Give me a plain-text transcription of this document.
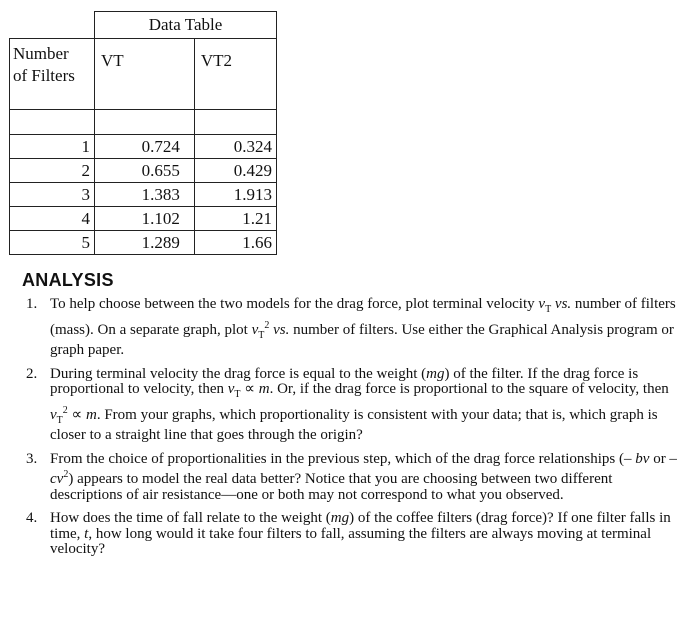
	Data Table	
Number
of Filters	VT	VT2

1	0.724	0.324
2	0.655	0.429
3	1.383	1.913
4	1.102	1.21
5	1.289	1.66
ANALYSIS
1. To help choose between the two models for the drag force, plot terminal velocity $v_T$ vs. number of filters (mass). On a separate graph, plot $v_T^2$ vs. number of filters. Use either the Graphical Analysis program or graph paper.
2. During terminal velocity the drag force is equal to the weight (mg) of the filter. If the drag force is proportional to velocity, then $v_T \propto m$. Or, if the drag force is proportional to the square of velocity, then $v_T^2 \propto m$. From your graphs, which proportionality is consistent with your data; that is, which graph is closer to a straight line that goes through the origin?
3. From the choice of proportionalities in the previous step, which of the drag force relationships (– bv or – $cv^2$) appears to model the real data better? Notice that you are choosing between two different descriptions of air resistance—one or both may not correspond to what you observed.
4. How does the time of fall relate to the weight (mg) of the coffee filters (drag force)? If one filter falls in time, t, how long would it take four filters to fall, assuming the filters are always moving at terminal velocity?
